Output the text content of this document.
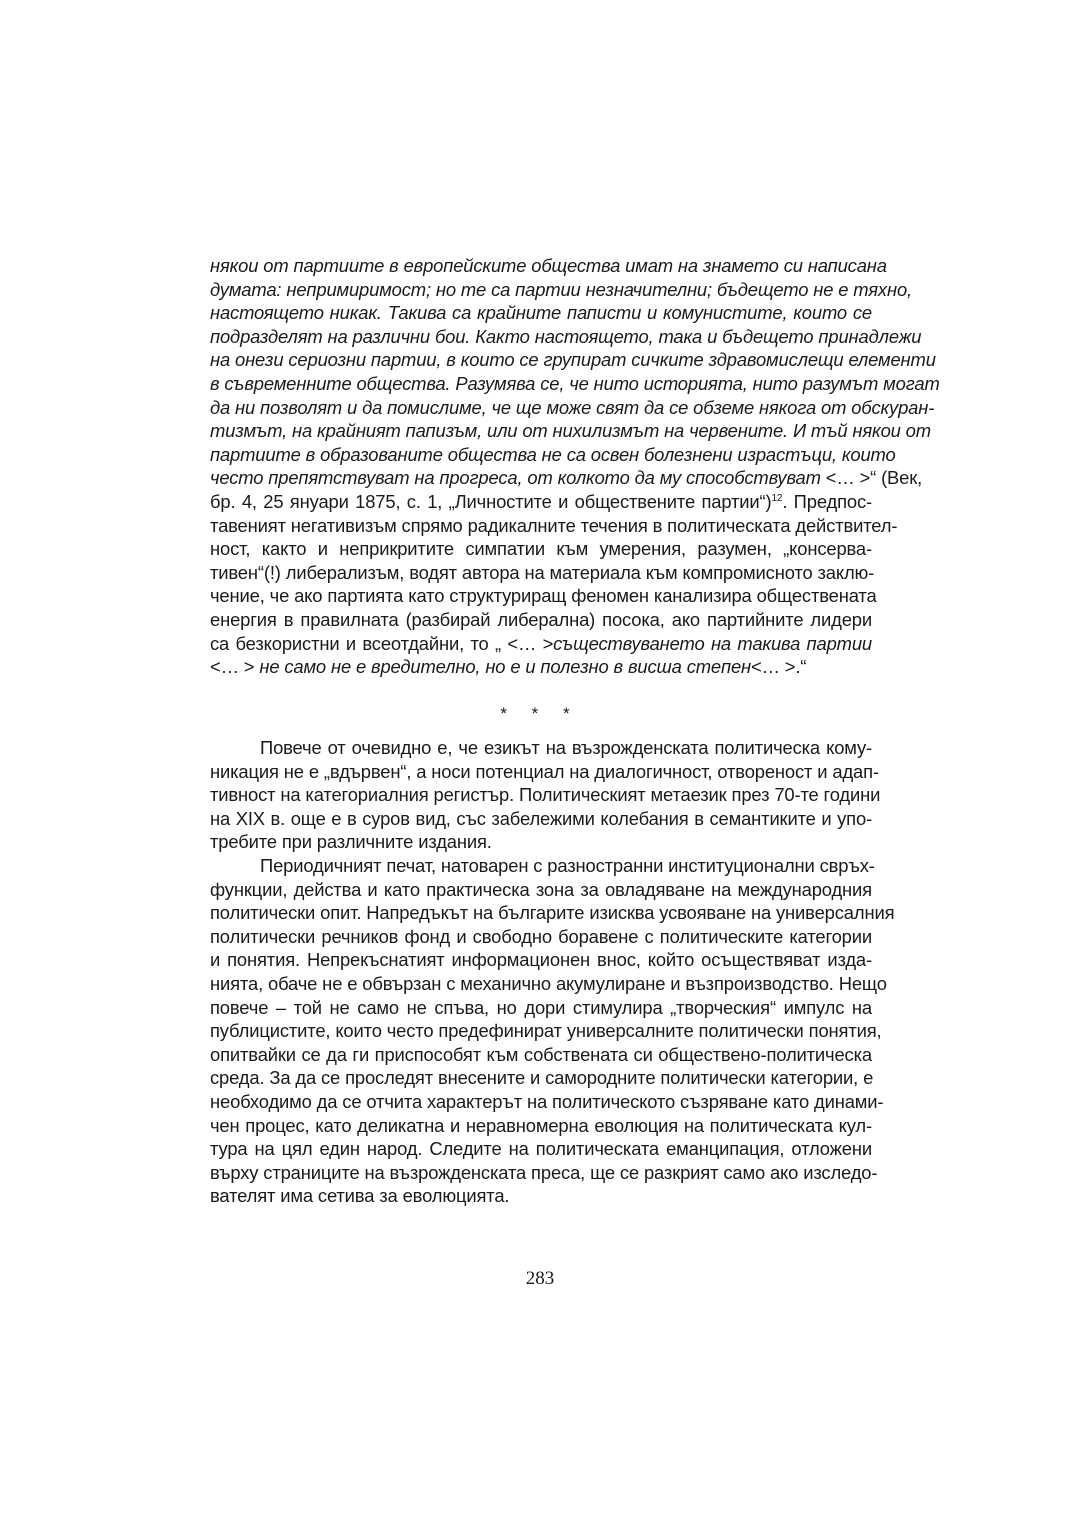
някои от партиите в европейските общества имат на знамето си написана
думата: непримиримост; но те са партии незначителни; бъдещето не е тяхно,
настоящето никак. Такива са крайните паписти и комунистите, които се
подразделят на различни бои. Както настоящето, така и бъдещето принадлежи
на онези сериозни партии, в които се групират сичките здравомислещи елементи
в съвременните общества. Разумява се, че нито историята, нито разумът могат
да ни позволят и да помислиме, че ще може свят да се обземе някога от обскуран-
тизмът, на крайният папизъм, или от нихилизмът на червените. И тъй някои от
партиите в образованите общества не са освен болезнени израстъци, които
често препятствуват на прогреса, от колкото да му способствуват <… >“ (Век,
бр. 4, 25 януари 1875, с. 1, „Личностите и обществените партии“)$^{12}$. Предпос-
тавеният негативизъм спрямо радикалните течения в политическата действител-
ност, както и неприкритите симпатии към умерения, разумен, „консерва-
тивен“(!) либерализъм, водят автора на материала към компромисното заклю-
чение, че ако партията като структуриращ феномен канализира обществената
енергия в правилната (разбирай либерална) посока, ако партийните лидери
са безкористни и всеотдайни, то „ <… >съществуването на такива партии
<… > не само не е вредително, но е и полезно в висша степен<… >.“
* * *
Повече от очевидно е, че езикът на възрожденската политическа кому-
никация не е „вдървен“, а носи потенциал на диалогичност, отвореност и адап-
тивност на категориалния регистър. Политическият метаезик през 70-те години
на XIX в. още е в суров вид, със забележими колебания в семантиките и упо-
требите при различните издания.
Периодичният печат, натоварен с разностранни институционални свръх-
функции, действа и като практическа зона за овладяване на международния
политически опит. Напредъкът на българите изисква усвояване на универсалния
политически речников фонд и свободно боравене с политическите категории
и понятия. Непрекъснатият информационен внос, който осъществяват изда-
нията, обаче не е обвързан с механично акумулиране и възпроизводство. Нещо
повече – той не само не спъва, но дори стимулира „творческия“ импулс на
публицистите, които често предефинират универсалните политически понятия,
опитвайки се да ги приспособят към собствената си обществено-политическа
среда. За да се проследят внесените и самородните политически категории, е
необходимо да се отчита характерът на политическото съзряване като динами-
чен процес, като деликатна и неравномерна еволюция на политическата кул-
тура на цял един народ. Следите на политическата еманципация, отложени
върху страниците на възрожденската преса, ще се разкрият само ако изследо-
вателят има сетива за еволюцията.
283
